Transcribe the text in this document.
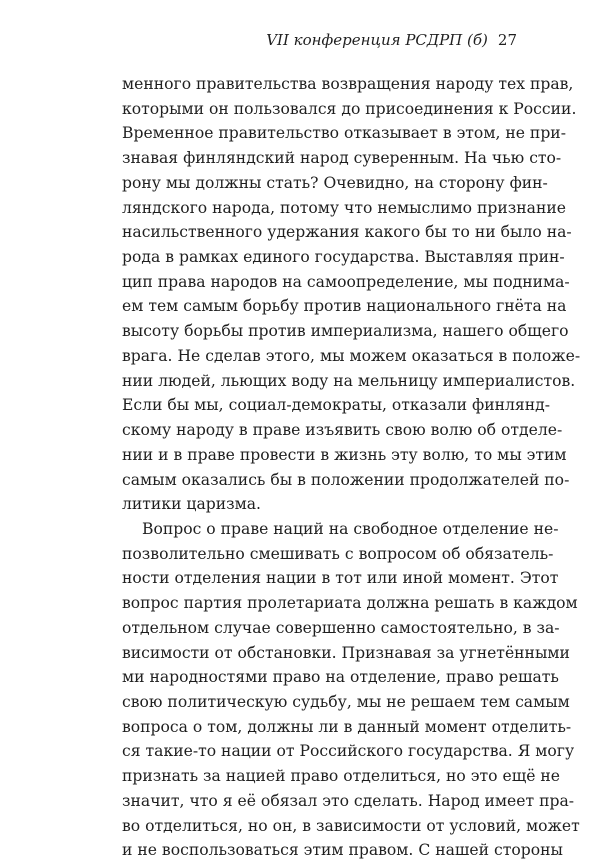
VII конференция РСДРП (б) 27
менного правительства возвращения народу тех прав,
которыми он пользовался до присоединения к России.
Временное правительство отказывает в этом, не при-
знавая финляндский народ суверенным. На чью сто-
рону мы должны стать? Очевидно, на сторону фин-
ляндского народа, потому что немыслимо признание
насильственного удержания какого бы то ни было на-
рода в рамках единого государства. Выставляя прин-
цип права народов на самоопределение, мы поднима-
ем тем самым борьбу против национального гнёта на
высоту борьбы против империализма, нашего общего
врага. Не сделав этого, мы можем оказаться в положе-
нии людей, льющих воду на мельницу империалистов.
Если бы мы, социал-демократы, отказали финлянд-
скому народу в праве изъявить свою волю об отделе-
нии и в праве провести в жизнь эту волю, то мы этим
самым оказались бы в положении продолжателей по-
литики царизма.
Вопрос о праве наций на свободное отделение не-
позволительно смешивать с вопросом об обязатель-
ности отделения нации в тот или иной момент. Этот
вопрос партия пролетариата должна решать в каждом
отдельном случае совершенно самостоятельно, в за-
висимости от обстановки. Признавая за угнетёнными
ми народностями право на отделение, право решать
свою политическую судьбу, мы не решаем тем самым
вопроса о том, должны ли в данный момент отделить-
ся такие-то нации от Российского государства. Я могу
признать за нацией право отделиться, но это ещё не
значит, что я её обязал это сделать. Народ имеет пра-
во отделиться, но он, в зависимости от условий, может
и не воспользоваться этим правом. С нашей стороны
